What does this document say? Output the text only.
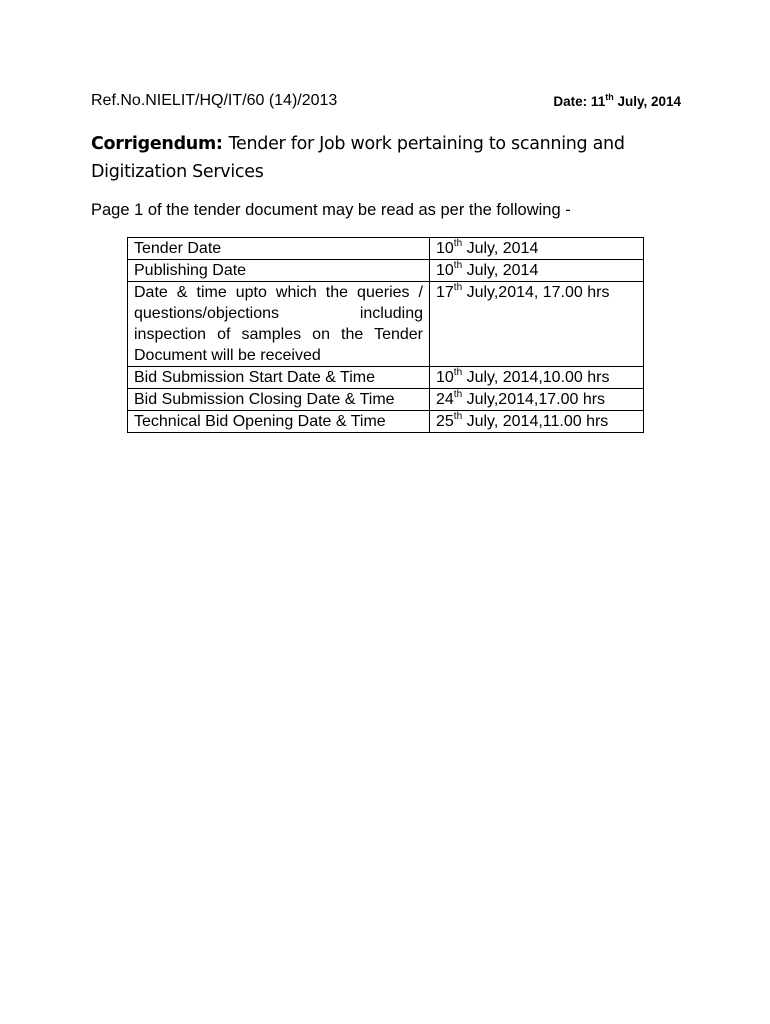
Ref.No.NIELIT/HQ/IT/60 (14)/2013	Date: 11th July, 2014
Corrigendum: Tender for Job work pertaining to scanning and Digitization Services
Page 1 of the tender document may be read as per the following -
Tender Date	10th July, 2014
Publishing Date	10th July, 2014
Date & time upto which the queries / questions/objections including inspection of samples on the Tender Document will be received	17th July,2014, 17.00 hrs
Bid Submission Start Date & Time	10th July, 2014,10.00 hrs
Bid Submission Closing Date & Time	24th July,2014,17.00 hrs
Technical Bid Opening Date & Time	25th July, 2014,11.00 hrs
